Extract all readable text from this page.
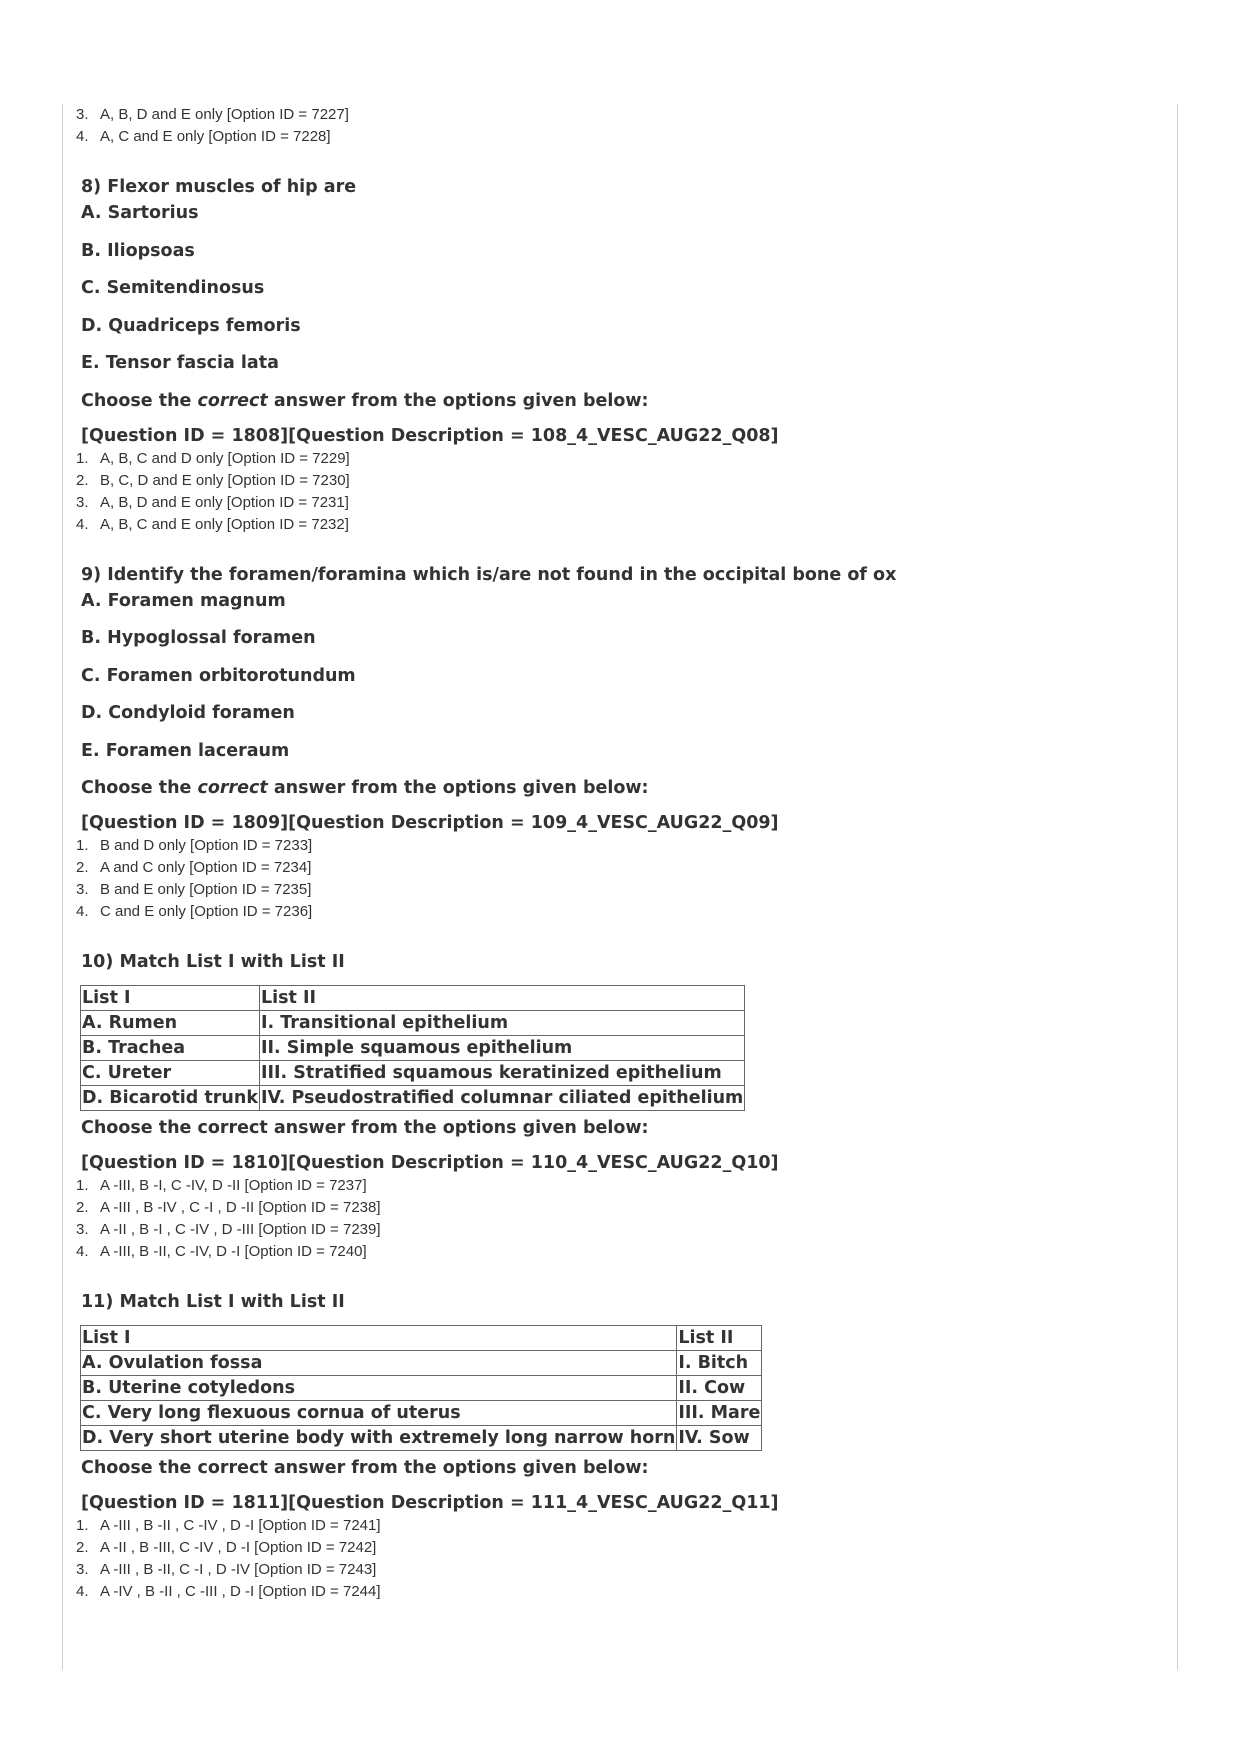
3. A, B, D and E only [Option ID = 7227]
4. A, C and E only [Option ID = 7228]

8) Flexor muscles of hip are

A. Sartorius

B. Iliopsoas

C. Semitendinosus

D. Quadriceps femoris

E. Tensor fascia lata

Choose the correct answer from the options given below:

[Question ID = 1808][Question Description = 108_4_VESC_AUG22_Q08]

1. A, B, C and D only [Option ID = 7229]
2. B, C, D and E only [Option ID = 7230]
3. A, B, D and E only [Option ID = 7231]
4. A, B, C and E only [Option ID = 7232]

9) Identify the foramen/foramina which is/are not found in the occipital bone of ox

A. Foramen magnum

B. Hypoglossal foramen

C. Foramen orbitorotundum

D. Condyloid foramen

E. Foramen laceraum

Choose the correct answer from the options given below:

[Question ID = 1809][Question Description = 109_4_VESC_AUG22_Q09]

1. B and D only [Option ID = 7233]
2. A and C only [Option ID = 7234]
3. B and E only [Option ID = 7235]
4. C and E only [Option ID = 7236]

10) Match List I with List II

List I	List II
A. Rumen	I. Transitional epithelium
B. Trachea	II. Simple squamous epithelium
C. Ureter	III. Stratified squamous keratinized epithelium
D. Bicarotid trunk	IV. Pseudostratified columnar ciliated epithelium

Choose the correct answer from the options given below:

[Question ID = 1810][Question Description = 110_4_VESC_AUG22_Q10]

1. A -III, B -I, C -IV, D -II [Option ID = 7237]
2. A -III , B -IV , C -I , D -II [Option ID = 7238]
3. A -II , B -I , C -IV , D -III [Option ID = 7239]
4. A -III, B -II, C -IV, D -I [Option ID = 7240]

11) Match List I with List II

List I	List II
A. Ovulation fossa	I. Bitch
B. Uterine cotyledons	II. Cow
C. Very long flexuous cornua of uterus	III. Mare
D. Very short uterine body with extremely long narrow horn	IV. Sow

Choose the correct answer from the options given below:

[Question ID = 1811][Question Description = 111_4_VESC_AUG22_Q11]

1. A -III , B -II , C -IV , D -I [Option ID = 7241]
2. A -II , B -III, C -IV , D -I [Option ID = 7242]
3. A -III , B -II, C -I , D -IV [Option ID = 7243]
4. A -IV , B -II , C -III , D -I [Option ID = 7244]
